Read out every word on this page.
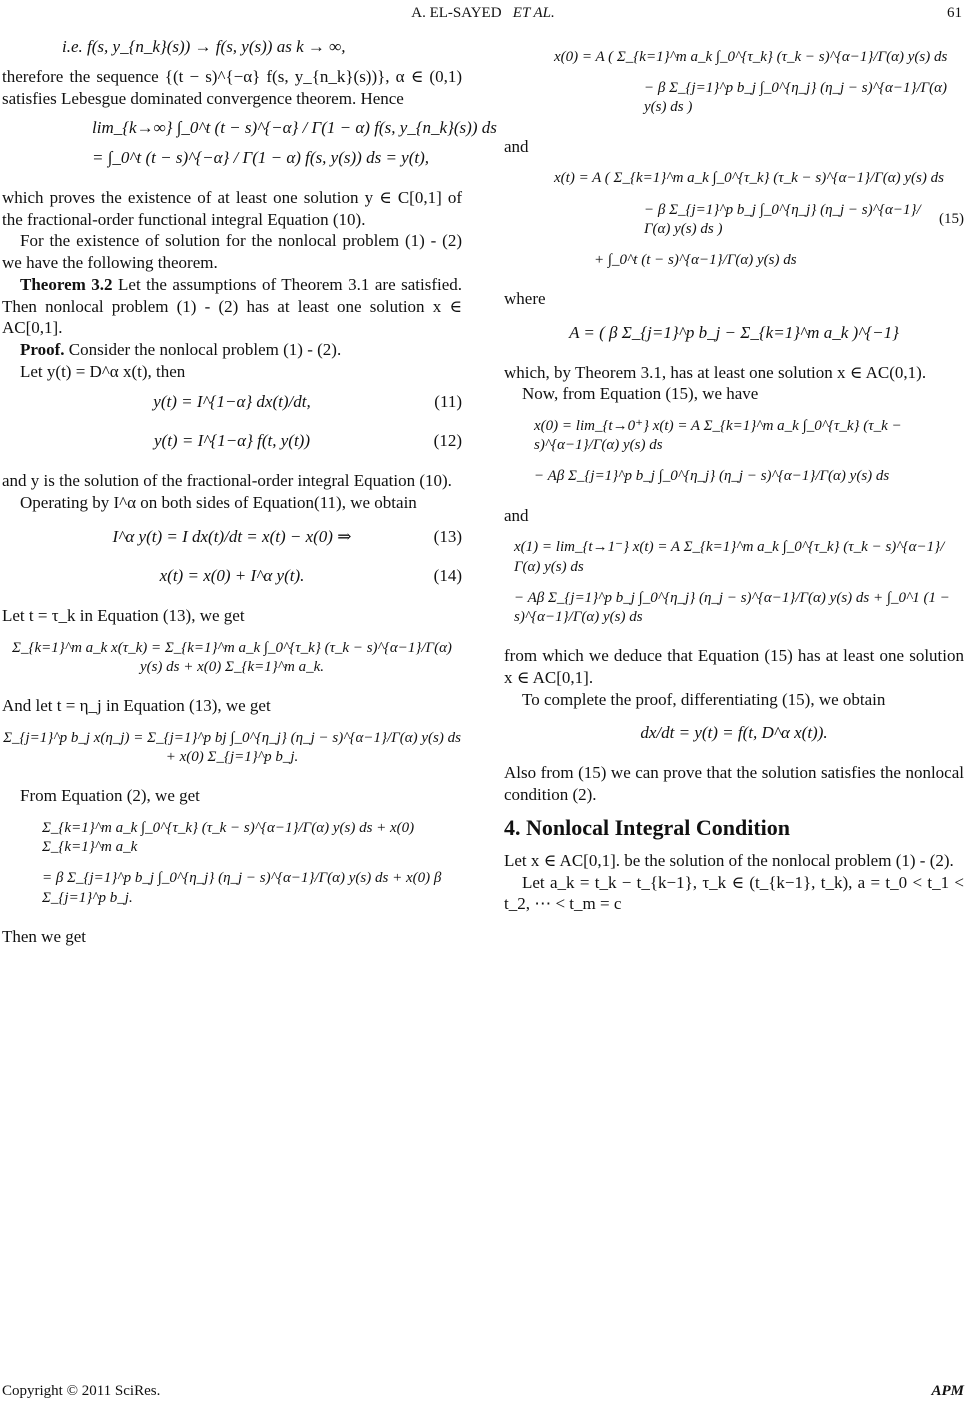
A. EL-SAYED ET AL.	61
i.e. f(s, y_{n_k}(s)) → f(s, y(s)) as k → ∞,

therefore the sequence {(t − s)^{−α} f(s, y_{n_k}(s))}, α ∈ (0,1) satisfies Lebesgue dominated convergence theorem. Hence

lim_{k→∞} ∫_0^t (t − s)^{−α} / Γ(1 − α) f(s, y_{n_k}(s)) ds
= ∫_0^t (t − s)^{−α} / Γ(1 − α) f(s, y(s)) ds = y(t),

which proves the existence of at least one solution y ∈ C[0,1] of the fractional-order functional integral Equation (10).

For the existence of solution for the nonlocal problem (1) - (2) we have the following theorem.

Theorem 3.2 Let the assumptions of Theorem 3.1 are satisfied. Then nonlocal problem (1) - (2) has at least one solution x ∈ AC[0,1].

Proof. Consider the nonlocal problem (1) - (2).

Let y(t) = D^α x(t), then

y(t) = I^{1−α} dx(t)/dt,	(11)
y(t) = I^{1−α} f(t, y(t))	(12)

and y is the solution of the fractional-order integral Equation (10).

Operating by I^α on both sides of Equation(11), we obtain

I^α y(t) = I dx(t)/dt = x(t) − x(0) ⇒	(13)
x(t) = x(0) + I^α y(t).	(14)

Let t = τ_k in Equation (13), we get

Σ_{k=1}^m a_k x(τ_k) = Σ_{k=1}^m a_k ∫_0^{τ_k} (τ_k − s)^{α−1}/Γ(α) y(s) ds + x(0) Σ_{k=1}^m a_k.

And let t = η_j in Equation (13), we get

Σ_{j=1}^p b_j x(η_j) = Σ_{j=1}^p bj ∫_0^{η_j} (η_j − s)^{α−1}/Γ(α) y(s) ds + x(0) Σ_{j=1}^p b_j.

From Equation (2), we get

Σ_{k=1}^m a_k ∫_0^{τ_k} (τ_k − s)^{α−1}/Γ(α) y(s) ds + x(0) Σ_{k=1}^m a_k
= β Σ_{j=1}^p b_j ∫_0^{η_j} (η_j − s)^{α−1}/Γ(α) y(s) ds + x(0) β Σ_{j=1}^p b_j.

Then we get

x(0) = A ( Σ_{k=1}^m a_k ∫_0^{τ_k} (τ_k − s)^{α−1}/Γ(α) y(s) ds
− β Σ_{j=1}^p b_j ∫_0^{η_j} (η_j − s)^{α−1}/Γ(α) y(s) ds )

and

x(t) = A ( Σ_{k=1}^m a_k ∫_0^{τ_k} (τ_k − s)^{α−1}/Γ(α) y(s) ds
− β Σ_{j=1}^p b_j ∫_0^{η_j} (η_j − s)^{α−1}/Γ(α) y(s) ds )
(15)
+ ∫_0^t (t − s)^{α−1}/Γ(α) y(s) ds

where

A = ( β Σ_{j=1}^p b_j − Σ_{k=1}^m a_k )^{−1}

which, by Theorem 3.1, has at least one solution x ∈ AC(0,1).

Now, from Equation (15), we have

x(0) = lim_{t→0⁺} x(t) = A Σ_{k=1}^m a_k ∫_0^{τ_k} (τ_k − s)^{α−1}/Γ(α) y(s) ds
− Aβ Σ_{j=1}^p b_j ∫_0^{η_j} (η_j − s)^{α−1}/Γ(α) y(s) ds

and

x(1) = lim_{t→1⁻} x(t) = A Σ_{k=1}^m a_k ∫_0^{τ_k} (τ_k − s)^{α−1}/Γ(α) y(s) ds
− Aβ Σ_{j=1}^p b_j ∫_0^{η_j} (η_j − s)^{α−1}/Γ(α) y(s) ds + ∫_0^1 (1 − s)^{α−1}/Γ(α) y(s) ds

from which we deduce that Equation (15) has at least one solution x ∈ AC[0,1].

To complete the proof, differentiating (15), we obtain

dx/dt = y(t) = f(t, D^α x(t)).

Also from (15) we can prove that the solution satisfies the nonlocal condition (2).

4. Nonlocal Integral Condition

Let x ∈ AC[0,1]. be the solution of the nonlocal problem (1) - (2).

Let a_k = t_k − t_{k−1}, τ_k ∈ (t_{k−1}, t_k), a = t_0 < t_1 < t_2, ⋯ < t_m = c

Copyright © 2011 SciRes.	APM
